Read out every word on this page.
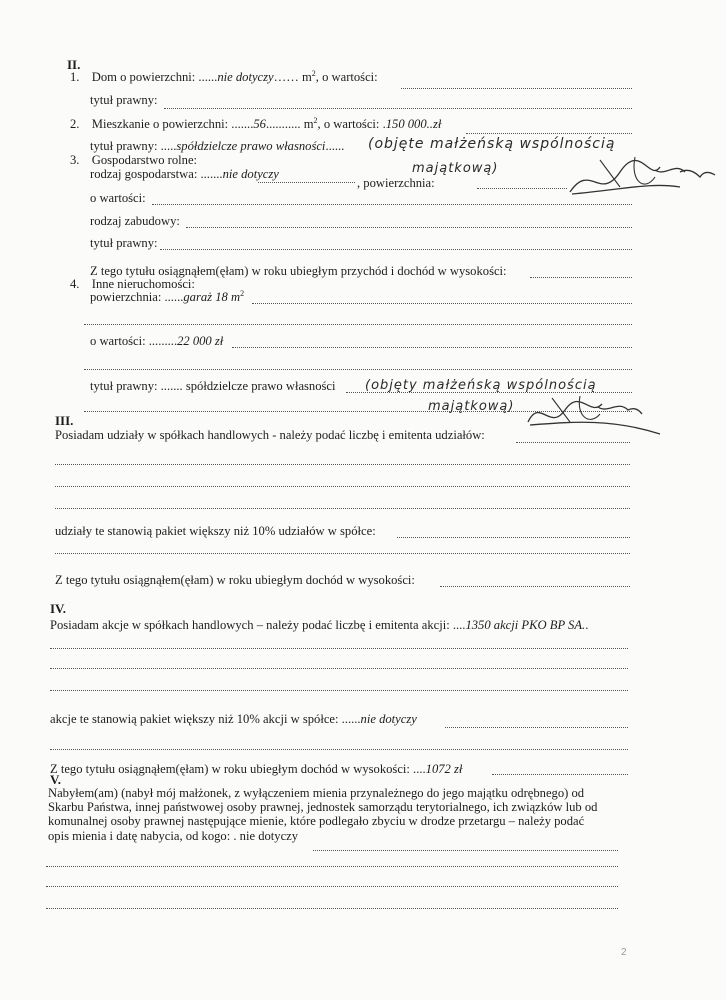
II.
1. Dom o powierzchni: ......nie dotyczy…… $m^2$, o wartości:
tytuł prawny:
2. Mieszkanie o powierzchni: .......56........... $m^2$, o wartości: .150 000..zł
tytuł prawny: .....spółdzielcze prawo własności...... (objęte małżeńską wspólnością
majątkową)
3. Gospodarstwo rolne:
rodzaj gospodarstwa: .......nie dotyczy
, powierzchnia:
o wartości:
rodzaj zabudowy:
tytuł prawny:
Z tego tytułu osiągnąłem(ęłam) w roku ubiegłym przychód i dochód w wysokości:
4. Inne nieruchomości:
powierzchnia: ......garaż 18 $m^2$
o wartości: .........22 000 zł
tytuł prawny: ....... spółdzielcze prawo własności (objęty małżeńską wspólnością
majątkową)
III.
Posiadam udziały w spółkach handlowych - należy podać liczbę i emitenta udziałów:
udziały te stanowią pakiet większy niż 10% udziałów w spółce:
Z tego tytułu osiągnąłem(ęłam) w roku ubiegłym dochód w wysokości:
IV.
Posiadam akcje w spółkach handlowych – należy podać liczbę i emitenta akcji: ....1350 akcji PKO BP SA..
akcje te stanowią pakiet większy niż 10% akcji w spółce: ......nie dotyczy
Z tego tytułu osiągnąłem(ęłam) w roku ubiegłym dochód w wysokości: ....1072 zł
V.
Nabyłem(am) (nabył mój małżonek, z wyłączeniem mienia przynależnego do jego majątku odrębnego) od
Skarbu Państwa, innej państwowej osoby prawnej, jednostek samorządu terytorialnego, ich związków lub od
komunalnej osoby prawnej następujące mienie, które podlegało zbyciu w drodze przetargu – należy podać
opis mienia i datę nabycia, od kogo: . nie dotyczy
2
